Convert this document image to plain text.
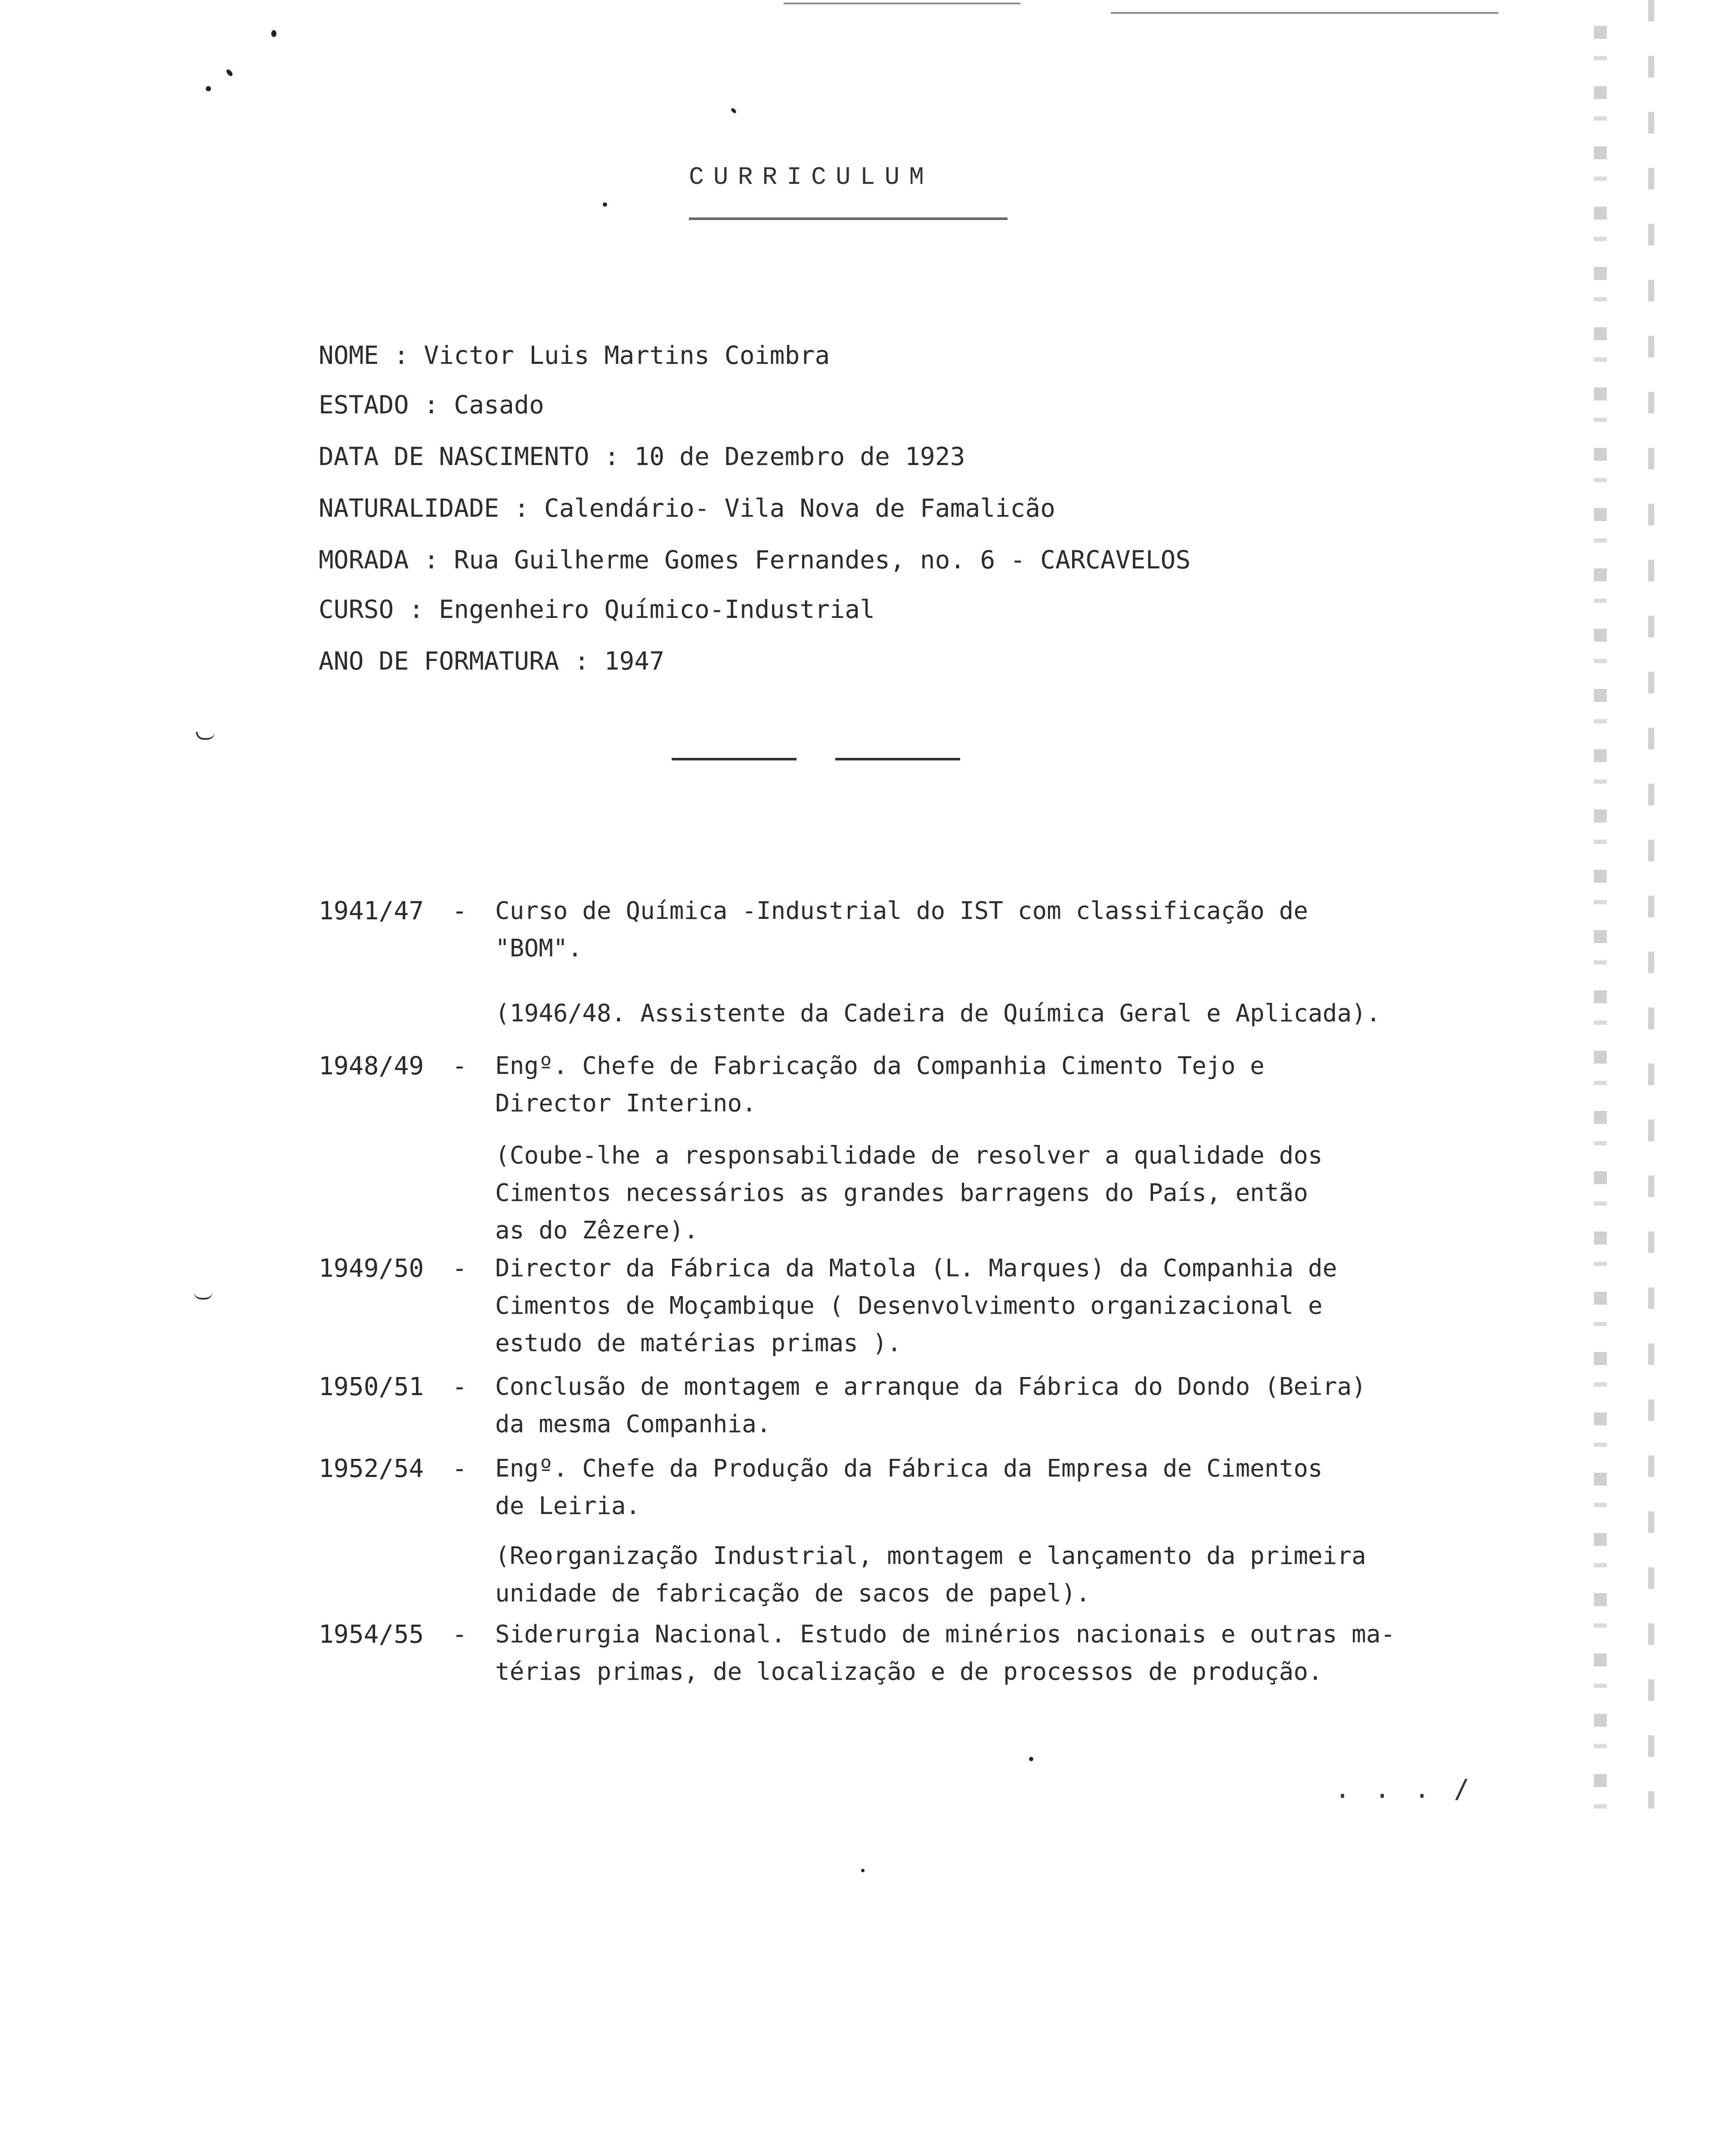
CURRICULUM
NOME : Victor Luis Martins Coimbra
ESTADO : Casado
DATA DE NASCIMENTO : 10 de Dezembro de 1923
NATURALIDADE : Calendário- Vila Nova de Famalicão
MORADA : Rua Guilherme Gomes Fernandes, no. 6 - CARCAVELOS
CURSO : Engenheiro Químico-Industrial
ANO DE FORMATURA : 1947
1941/47 - Curso de Química -Industrial do IST com classificação de
"BOM".
(1946/48. Assistente da Cadeira de Química Geral e Aplicada).
1948/49 - Engº. Chefe de Fabricação da Companhia Cimento Tejo e
Director Interino.
(Coube-lhe a responsabilidade de resolver a qualidade dos
Cimentos necessários as grandes barragens do País, então
as do Zêzere).
1949/50 - Director da Fábrica da Matola (L. Marques) da Companhia de
Cimentos de Moçambique ( Desenvolvimento organizacional e
estudo de matérias primas ).
1950/51 - Conclusão de montagem e arranque da Fábrica do Dondo (Beira)
da mesma Companhia.
1952/54 - Engº. Chefe da Produção da Fábrica da Empresa de Cimentos
de Leiria.
(Reorganização Industrial, montagem e lançamento da primeira
unidade de fabricação de sacos de papel).
1954/55 - Siderurgia Nacional. Estudo de minérios nacionais e outras ma-
térias primas, de localização e de processos de produção.
. . . /
